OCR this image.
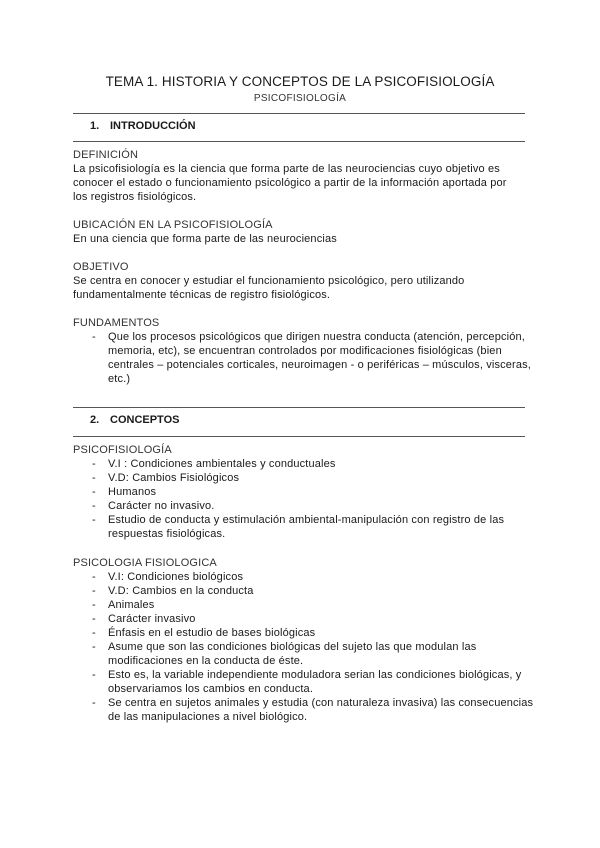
TEMA 1. HISTORIA Y CONCEPTOS DE LA PSICOFISIOLOGÍA
PSICOFISIOLOGÍA
1. INTRODUCCIÓN
DEFINICIÓN
La psicofisiología es la ciencia que forma parte de las neurociencias cuyo objetivo es
conocer el estado o funcionamiento psicológico a partir de la información aportada por
los registros fisiológicos.
UBICACIÓN EN LA PSICOFISIOLOGÍA
En una ciencia que forma parte de las neurociencias
OBJETIVO
Se centra en conocer y estudiar el funcionamiento psicológico, pero utilizando
fundamentalmente técnicas de registro fisiológicos.
FUNDAMENTOS
- Que los procesos psicológicos que dirigen nuestra conducta (atención, percepción,
memoria, etc), se encuentran controlados por modificaciones fisiológicas (bien
centrales – potenciales corticales, neuroimagen - o periféricas – músculos, visceras,
etc.)
2. CONCEPTOS
PSICOFISIOLOGÍA
- V.I : Condiciones ambientales y conductuales
- V.D: Cambios Fisiológicos
- Humanos
- Carácter no invasivo.
- Estudio de conducta y estimulación ambiental-manipulación con registro de las
respuestas fisiológicas.
PSICOLOGIA FISIOLOGICA
- V.I: Condiciones biológicos
- V.D: Cambios en la conducta
- Animales
- Carácter invasivo
- Énfasis en el estudio de bases biológicas
- Asume que son las condiciones biológicas del sujeto las que modulan las
modificaciones en la conducta de éste.
- Esto es, la variable independiente moduladora serian las condiciones biológicas, y
observariamos los cambios en conducta.
- Se centra en sujetos animales y estudia (con naturaleza invasiva) las consecuencias
de las manipulaciones a nivel biológico.
